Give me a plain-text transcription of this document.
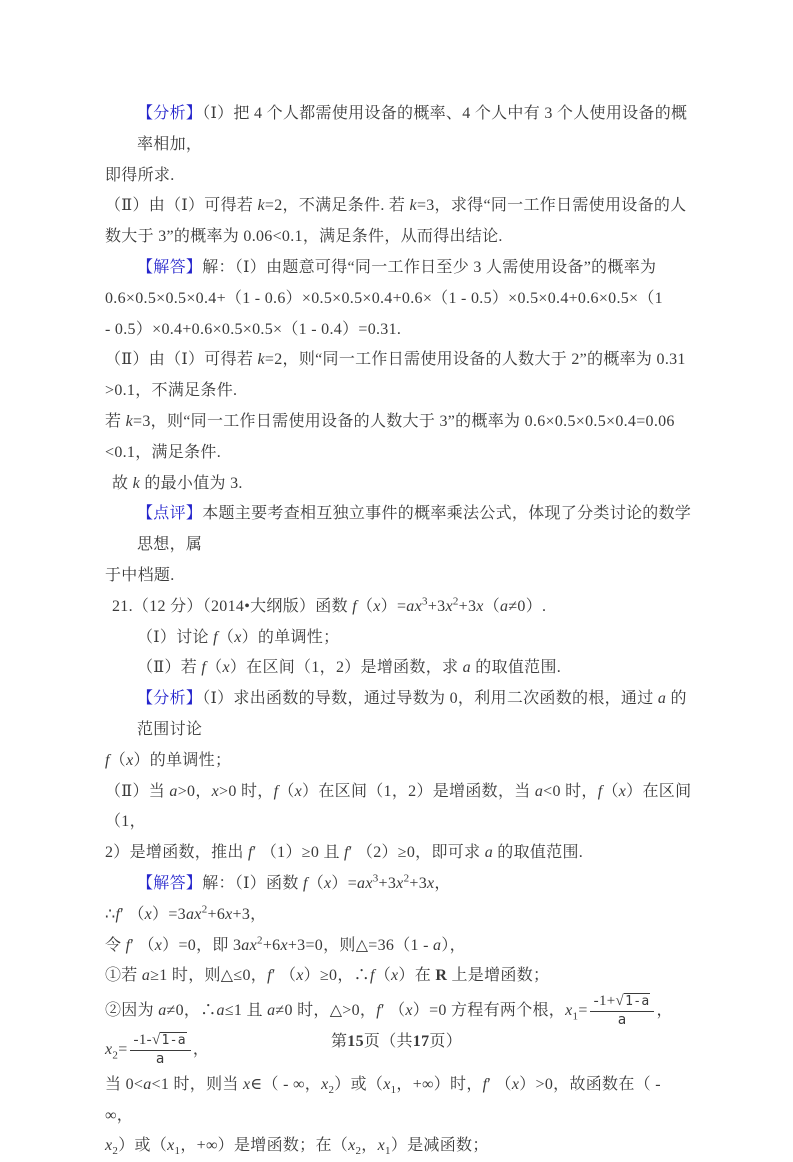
【分析】（Ⅰ）把 4 个人都需使用设备的概率、4 个人中有 3 个人使用设备的概率相加，
即得所求.
（Ⅱ）由（Ⅰ）可得若 k=2，不满足条件. 若 k=3，求得“同一工作日需使用设备的人
数大于 3”的概率为 0.06<0.1，满足条件，从而得出结论.
【解答】解：（Ⅰ）由题意可得“同一工作日至少 3 人需使用设备”的概率为
0.6×0.5×0.5×0.4+（1 - 0.6）×0.5×0.5×0.4+0.6×（1 - 0.5）×0.5×0.4+0.6×0.5×（1
- 0.5）×0.4+0.6×0.5×0.5×（1 - 0.4）=0.31.
（Ⅱ）由（Ⅰ）可得若 k=2，则“同一工作日需使用设备的人数大于 2”的概率为 0.31
>0.1，不满足条件.
若 k=3，则“同一工作日需使用设备的人数大于 3”的概率为 0.6×0.5×0.5×0.4=0.06
<0.1，满足条件.
故 k 的最小值为 3.
【点评】本题主要考查相互独立事件的概率乘法公式，体现了分类讨论的数学思想，属
于中档题.
21.（12 分）（2014•大纲版）函数 $f(x)=ax^3+3x^2+3x(a\ne 0)$.
（Ⅰ）讨论 f（x）的单调性；
（Ⅱ）若 f（x）在区间（1，2）是增函数，求 a 的取值范围.
【分析】（Ⅰ）求出函数的导数，通过导数为 0，利用二次函数的根，通过 a 的范围讨论
f（x）的单调性；
（Ⅱ）当 a>0，x>0 时，f（x）在区间（1，2）是增函数，当 a<0 时，f（x）在区间（1，
2）是增函数，推出 f′ （1）≥0 且 f′ （2）≥0，即可求 a 的取值范围.
【解答】解：（Ⅰ）函数 $f(x)=ax^3+3x^2+3x$，
∴f′ $(x)=3ax^2+6x+3$，
令 f′ （x）=0，即 $3ax^2+6x+3=0$，则△=36（1 - a），
①若 a≥1 时，则△≤0，f′ （x）≥0，∴f（x）在 R 上是增函数；
②因为 a≠0，∴a≤1 且 a≠0 时，△>0，f′ （x）=0 方程有两个根，$x_1= \frac{-1+√1-a}{a}$ ，
$x_2= \frac{-1-√1-a}{a}$ ，
当 0<a<1 时，则当 x∈（ - ∞，$x_2$）或（$x_1$，+∞）时，f′ （x）>0，故函数在（ - ∞，
$x_2$）或（$x_1$，+∞）是增函数；在（$x_2$，$x_1$）是减函数；
第15页（共17页）
